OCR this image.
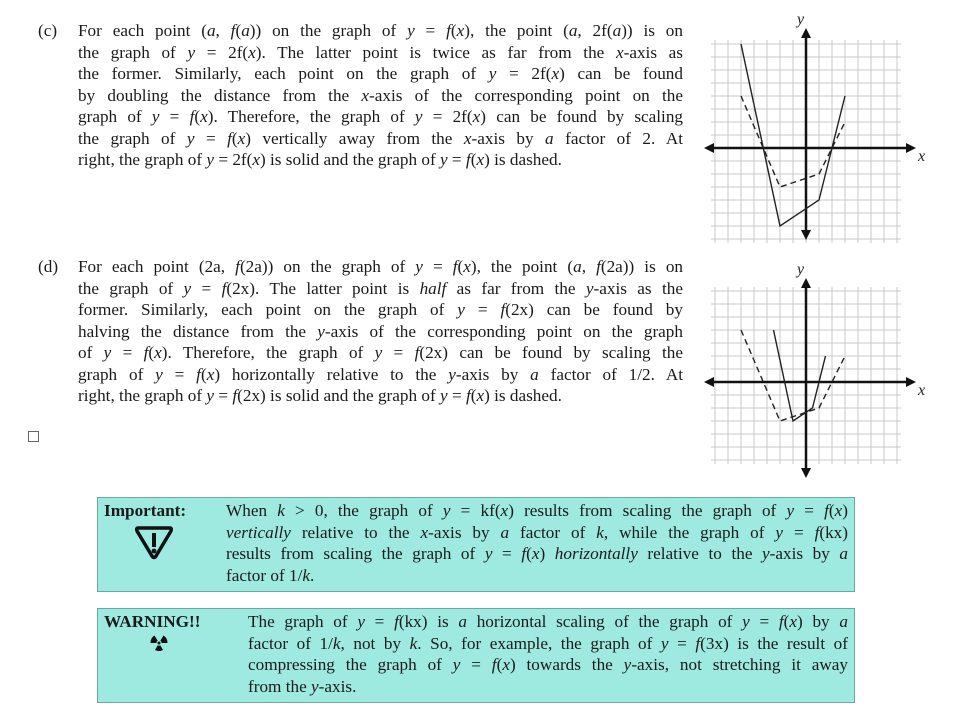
(c) For each point (a, f(a)) on the graph of y = f(x), the point (a, 2f(a)) is on
the graph of y = 2f(x). The latter point is twice as far from the x-axis as
the former. Similarly, each point on the graph of y = 2f(x) can be found
by doubling the distance from the x-axis of the corresponding point on the
graph of y = f(x). Therefore, the graph of y = 2f(x) can be found by scaling
the graph of y = f(x) vertically away from the x-axis by a factor of 2. At
right, the graph of y = 2f(x) is solid and the graph of y = f(x) is dashed.	x
y
(d) For each point (2a, f(2a)) on the graph of y = f(x), the point (a, f(2a)) is on
the graph of y = f(2x). The latter point is half as far from the y-axis as the
former. Similarly, each point on the graph of y = f(2x) can be found by
halving the distance from the y-axis of the corresponding point on the graph
of y = f(x). Therefore, the graph of y = f(2x) can be found by scaling the
graph of y = f(x) horizontally relative to the y-axis by a factor of 1/2. At
right, the graph of y = f(2x) is solid and the graph of y = f(x) is dashed.	x
y
Important: When k > 0, the graph of y = kf(x) results from scaling the graph of y = f(x)
vertically relative to the x-axis by a factor of k, while the graph of y = f(kx)
results from scaling the graph of y = f(x) horizontally relative to the y-axis by a
factor of 1/k.
WARNING!!	The graph of y = f(kx) is a horizontal scaling of the graph of y = f(x) by a
factor of 1/k, not by k. So, for example, the graph of y = f(3x) is the result of
compressing the graph of y = f(x) towards the y-axis, not stretching it away
from the y-axis.
